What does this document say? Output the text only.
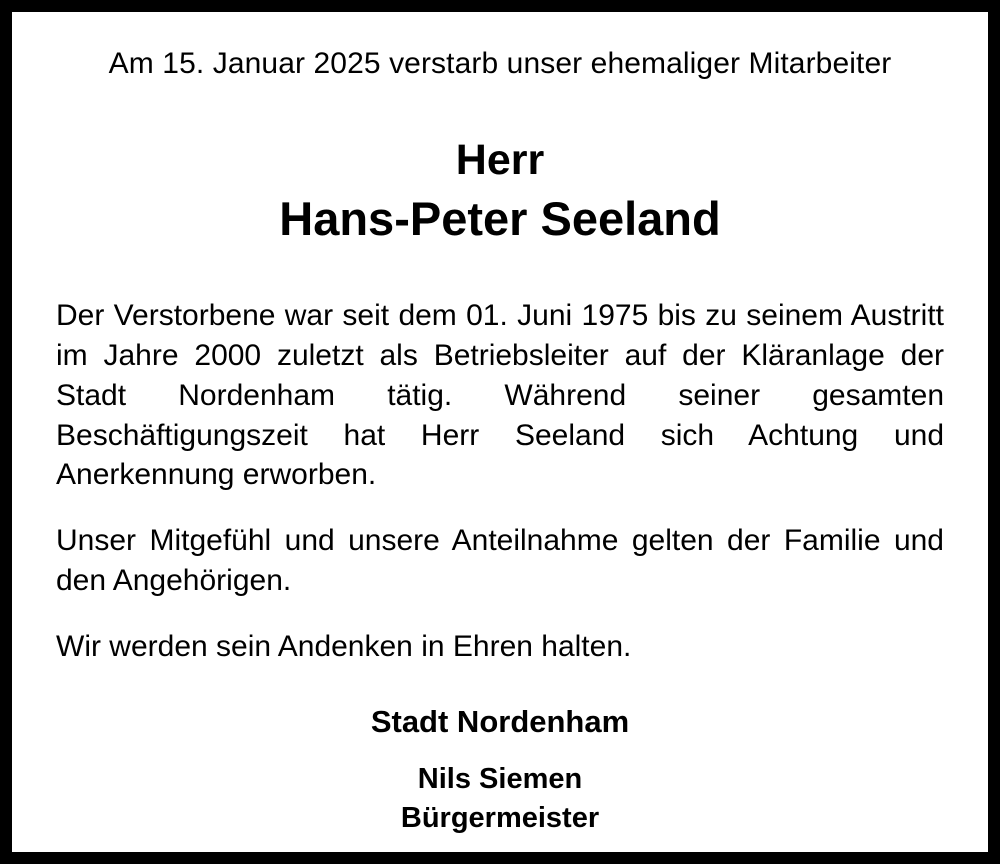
Am 15. Januar 2025 verstarb unser ehemaliger Mitarbeiter
Herr
Hans-Peter Seeland

Der Verstorbene war seit dem 01. Juni 1975 bis zu seinem Austritt im Jahre 2000 zuletzt als Betriebsleiter auf der Kläranlage der Stadt Nordenham tätig. Während seiner gesamten Beschäftigungszeit hat Herr Seeland sich Achtung und Anerkennung erworben.

Unser Mitgefühl und unsere Anteilnahme gelten der Familie und den Angehörigen.

Wir werden sein Andenken in Ehren halten.

Stadt Nordenham
Nils Siemen
Bürgermeister
